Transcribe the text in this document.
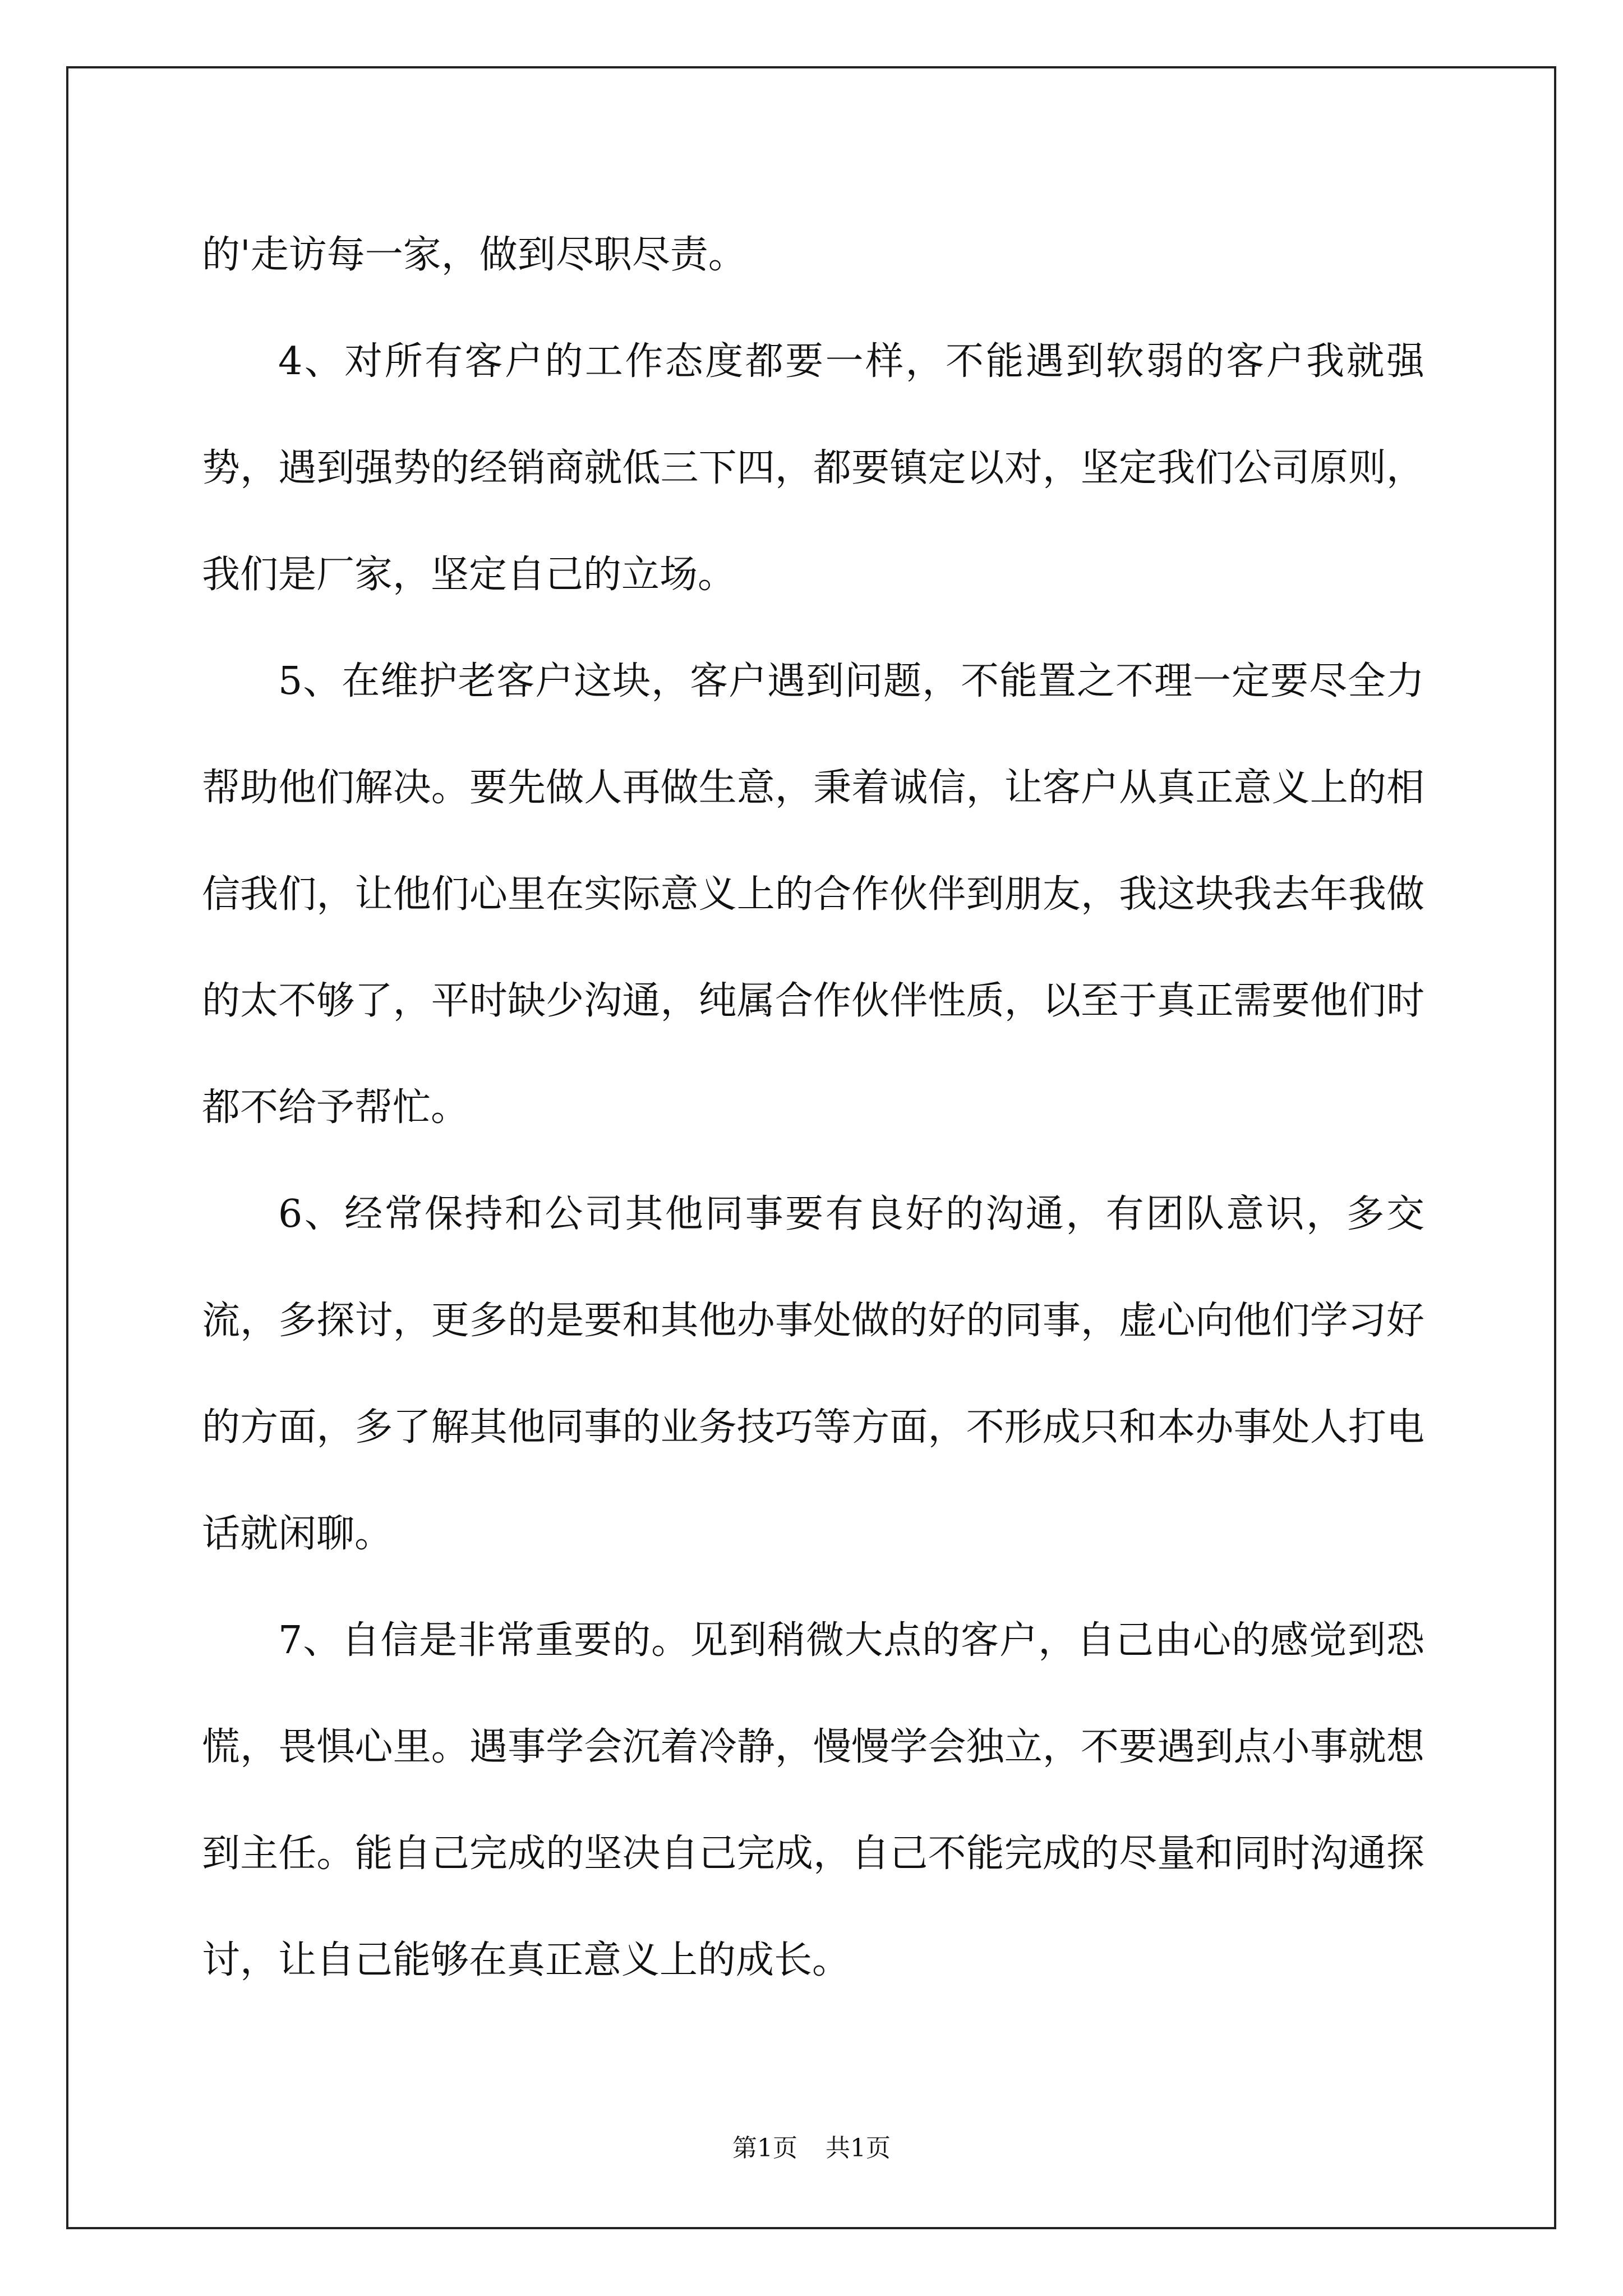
的'走访每一家，做到尽职尽责。

4、对所有客户的工作态度都要一样，不能遇到软弱的客户我就强势，遇到强势的经销商就低三下四，都要镇定以对，坚定我们公司原则，我们是厂家，坚定自己的立场。

5、在维护老客户这块，客户遇到问题，不能置之不理一定要尽全力帮助他们解决。要先做人再做生意，秉着诚信，让客户从真正意义上的相信我们，让他们心里在实际意义上的合作伙伴到朋友，我这块我去年我做的太不够了，平时缺少沟通，纯属合作伙伴性质，以至于真正需要他们时都不给予帮忙。

6、经常保持和公司其他同事要有良好的沟通，有团队意识，多交流，多探讨，更多的是要和其他办事处做的好的同事，虚心向他们学习好的方面，多了解其他同事的业务技巧等方面，不形成只和本办事处人打电话就闲聊。

7、自信是非常重要的。见到稍微大点的客户，自己由心的感觉到恐慌，畏惧心里。遇事学会沉着冷静，慢慢学会独立，不要遇到点小事就想到主任。能自己完成的坚决自己完成，自己不能完成的尽量和同时沟通探讨，让自己能够在真正意义上的成长。

第1页 共1页
